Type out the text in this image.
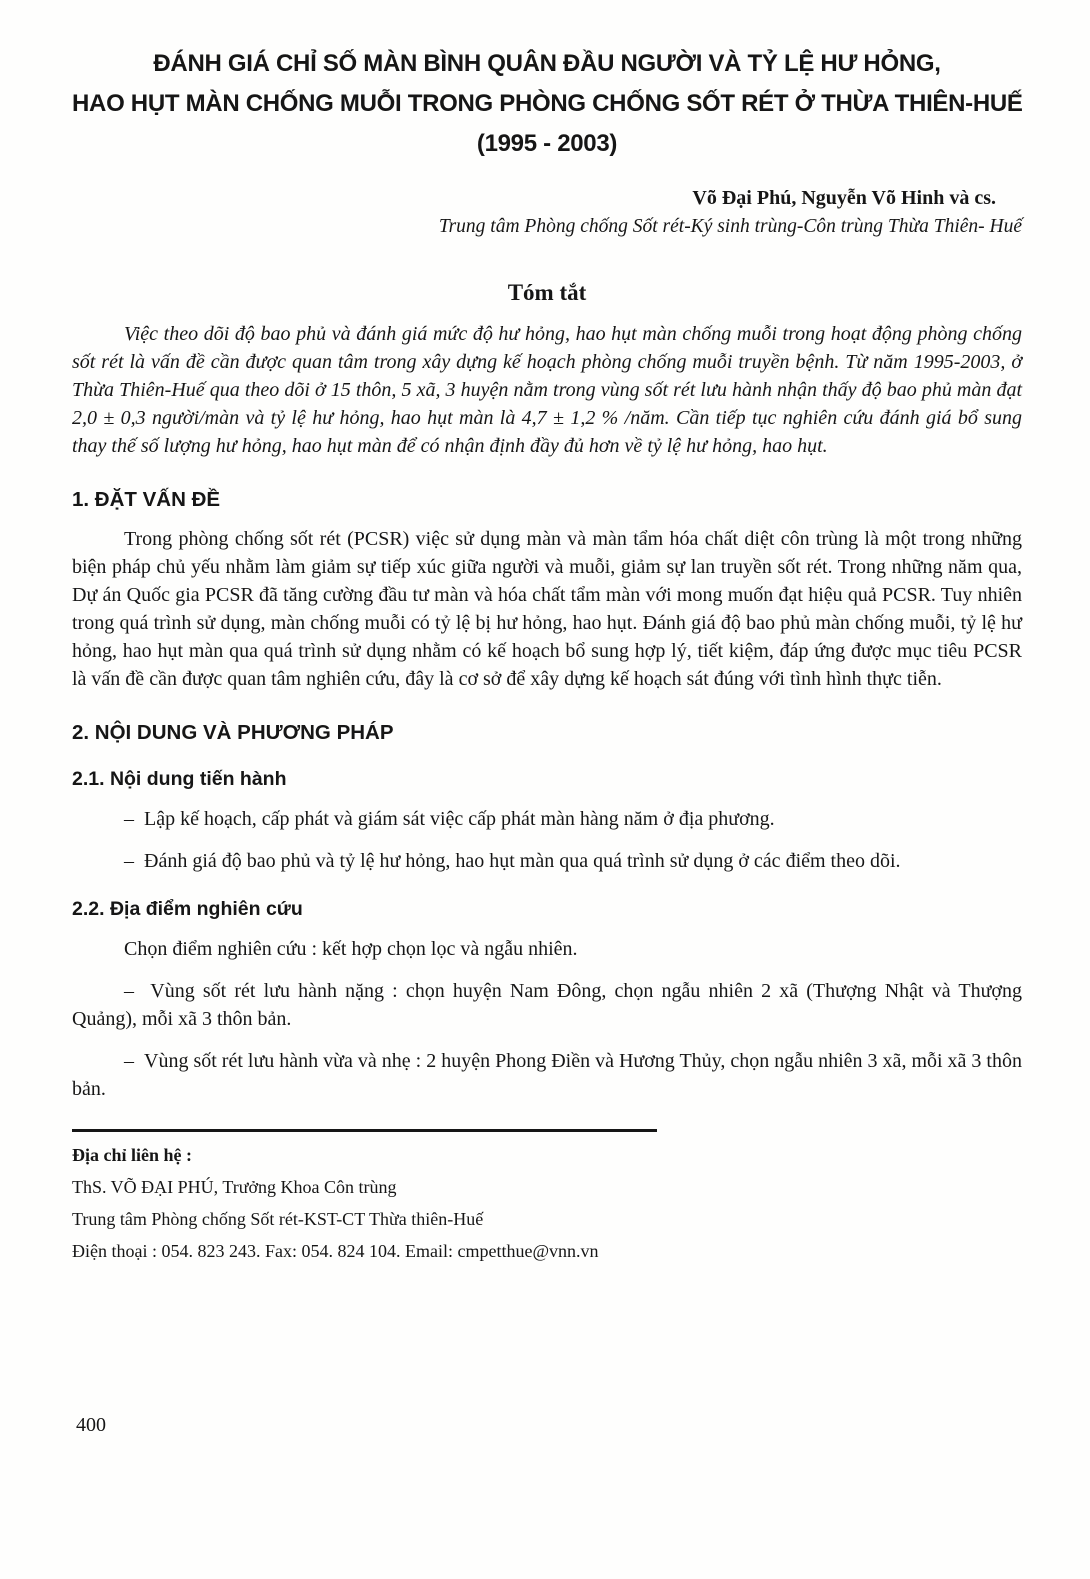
ĐÁNH GIÁ CHỈ SỐ MÀN BÌNH QUÂN ĐẦU NGƯỜI VÀ TỶ LỆ HƯ HỎNG,
HAO HỤT MÀN CHỐNG MUỖI TRONG PHÒNG CHỐNG SỐT RÉT Ở THỪA THIÊN-HUẾ
(1995 - 2003)

Võ Đại Phú, Nguyễn Võ Hinh và cs.

Trung tâm Phòng chống Sốt rét-Ký sinh trùng-Côn trùng Thừa Thiên- Huế

Tóm tắt

Việc theo dõi độ bao phủ và đánh giá mức độ hư hỏng, hao hụt màn chống muỗi trong hoạt động phòng chống sốt rét là vấn đề cần được quan tâm trong xây dựng kế hoạch phòng chống muỗi truyền bệnh. Từ năm 1995-2003, ở Thừa Thiên-Huế qua theo dõi ở 15 thôn, 5 xã, 3 huyện nằm trong vùng sốt rét lưu hành nhận thấy độ bao phủ màn đạt 2,0 ± 0,3 người/màn và tỷ lệ hư hỏng, hao hụt màn là 4,7 ± 1,2 % /năm. Cần tiếp tục nghiên cứu đánh giá bổ sung thay thế số lượng hư hỏng, hao hụt màn để có nhận định đầy đủ hơn về tỷ lệ hư hỏng, hao hụt.

1. ĐẶT VẤN ĐỀ

Trong phòng chống sốt rét (PCSR) việc sử dụng màn và màn tẩm hóa chất diệt côn trùng là một trong những biện pháp chủ yếu nhằm làm giảm sự tiếp xúc giữa người và muỗi, giảm sự lan truyền sốt rét. Trong những năm qua, Dự án Quốc gia PCSR đã tăng cường đầu tư màn và hóa chất tẩm màn với mong muốn đạt hiệu quả PCSR. Tuy nhiên trong quá trình sử dụng, màn chống muỗi có tỷ lệ bị hư hỏng, hao hụt. Đánh giá độ bao phủ màn chống muỗi, tỷ lệ hư hỏng, hao hụt màn qua quá trình sử dụng nhằm có kế hoạch bổ sung hợp lý, tiết kiệm, đáp ứng được mục tiêu PCSR là vấn đề cần được quan tâm nghiên cứu, đây là cơ sở để xây dựng kế hoạch sát đúng với tình hình thực tiễn.

2. NỘI DUNG VÀ PHƯƠNG PHÁP
2.1. Nội dung tiến hành

–  Lập kế hoạch, cấp phát và giám sát việc cấp phát màn hàng năm ở địa phương.

–  Đánh giá độ bao phủ và tỷ lệ hư hỏng, hao hụt màn qua quá trình sử dụng ở các điểm theo dõi.

2.2. Địa điểm nghiên cứu

Chọn điểm nghiên cứu : kết hợp chọn lọc và ngẫu nhiên.

–  Vùng sốt rét lưu hành nặng : chọn huyện Nam Đông, chọn ngẫu nhiên 2 xã (Thượng Nhật và Thượng Quảng), mỗi xã 3 thôn bản.

–  Vùng sốt rét lưu hành vừa và nhẹ : 2 huyện Phong Điền và Hương Thủy, chọn ngẫu nhiên 3 xã, mỗi xã 3 thôn bản.

Địa chỉ liên hệ :

ThS. VÕ ĐẠI PHÚ, Trưởng Khoa Côn trùng

Trung tâm Phòng chống Sốt rét-KST-CT Thừa thiên-Huế

Điện thoại : 054. 823 243. Fax: 054. 824 104. Email: cmpetthue@vnn.vn

400
